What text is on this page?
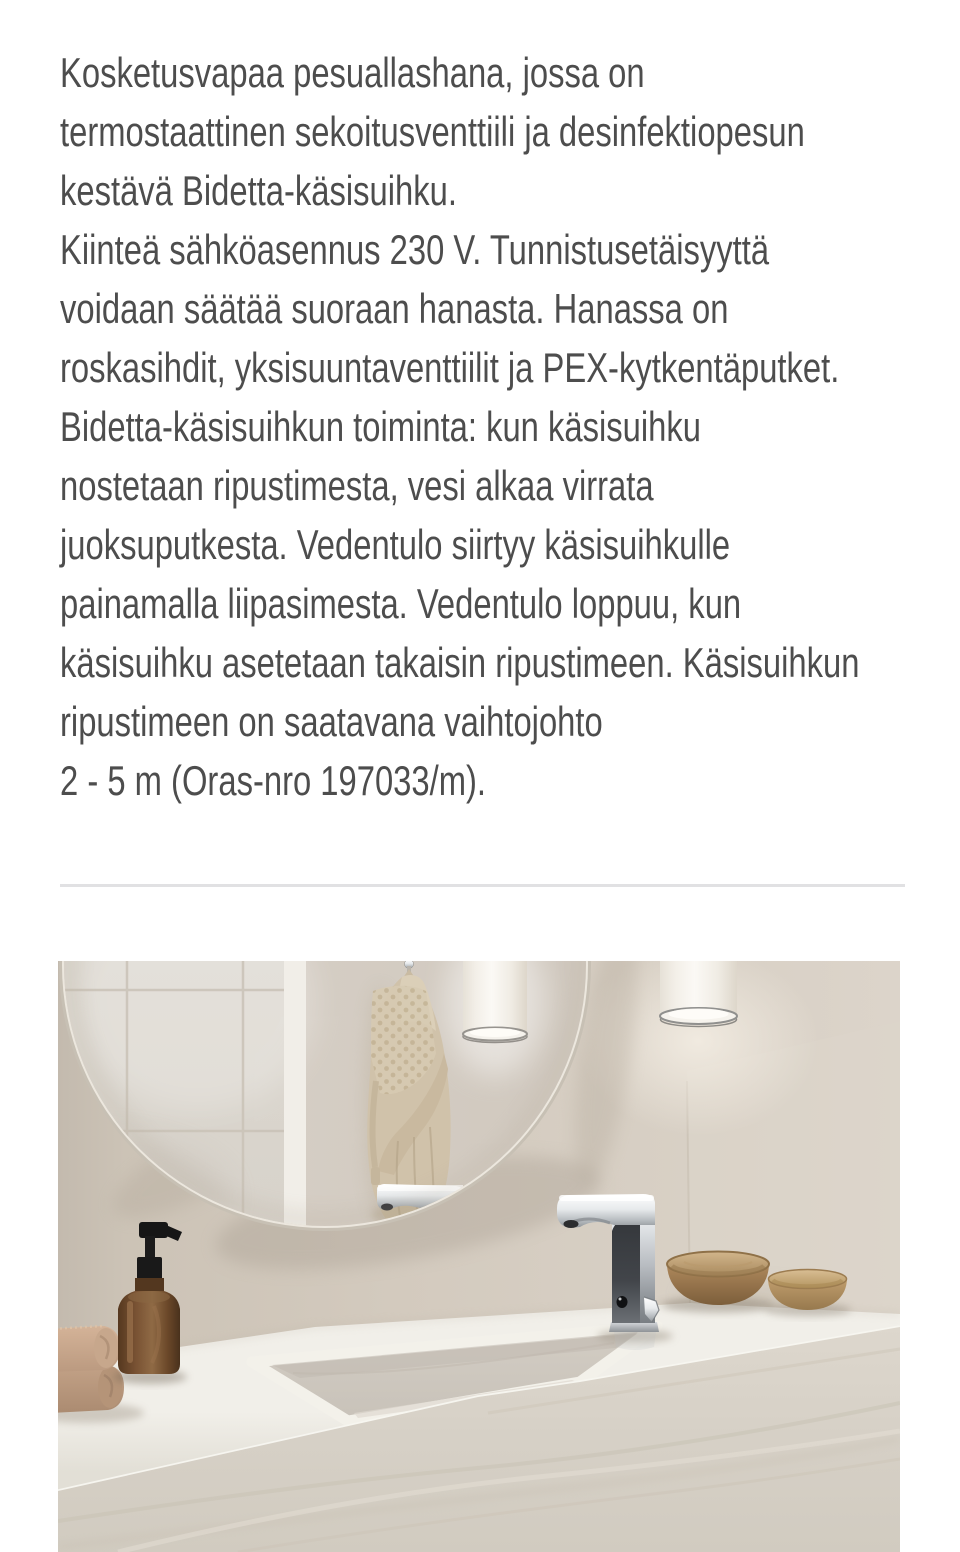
Kosketusvapaa pesuallashana, jossa on

termostaattinen sekoitusventtiili ja desinfektiopesun

kestävä Bidetta-käsisuihku.

Kiinteä sähköasennus 230 V. Tunnistusetäisyyttä

voidaan säätää suoraan hanasta. Hanassa on

roskasihdit, yksisuuntaventtiilit ja PEX-kytkentäputket.

Bidetta-käsisuihkun toiminta: kun käsisuihku

nostetaan ripustimesta, vesi alkaa virrata

juoksuputkesta. Vedentulo siirtyy käsisuihkulle

painamalla liipasimesta. Vedentulo loppuu, kun

käsisuihku asetetaan takaisin ripustimeen. Käsisuihkun

ripustimeen on saatavana vaihtojohto

2 - 5 m (Oras-nro 197033/m).
